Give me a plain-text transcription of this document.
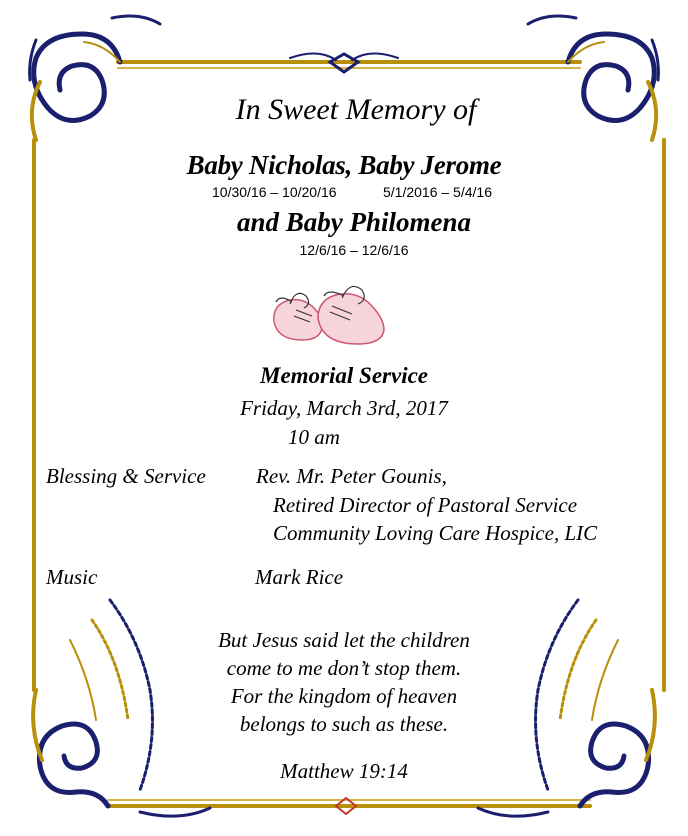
In Sweet Memory of
Baby Nicholas, Baby Jerome
10/30/16 – 10/20/16	5/1/2016 – 5/4/16
and Baby Philomena
12/6/16 – 12/6/16
Memorial Service
Friday, March 3rd, 2017
10 am
Blessing & Service Rev. Mr. Peter Gounis,
Retired Director of Pastoral Service
Community Loving Care Hospice, LIC
Music	Mark Rice
But Jesus said let the children
come to me don’t stop them.
For the kingdom of heaven
belongs to such as these.
Matthew 19:14
